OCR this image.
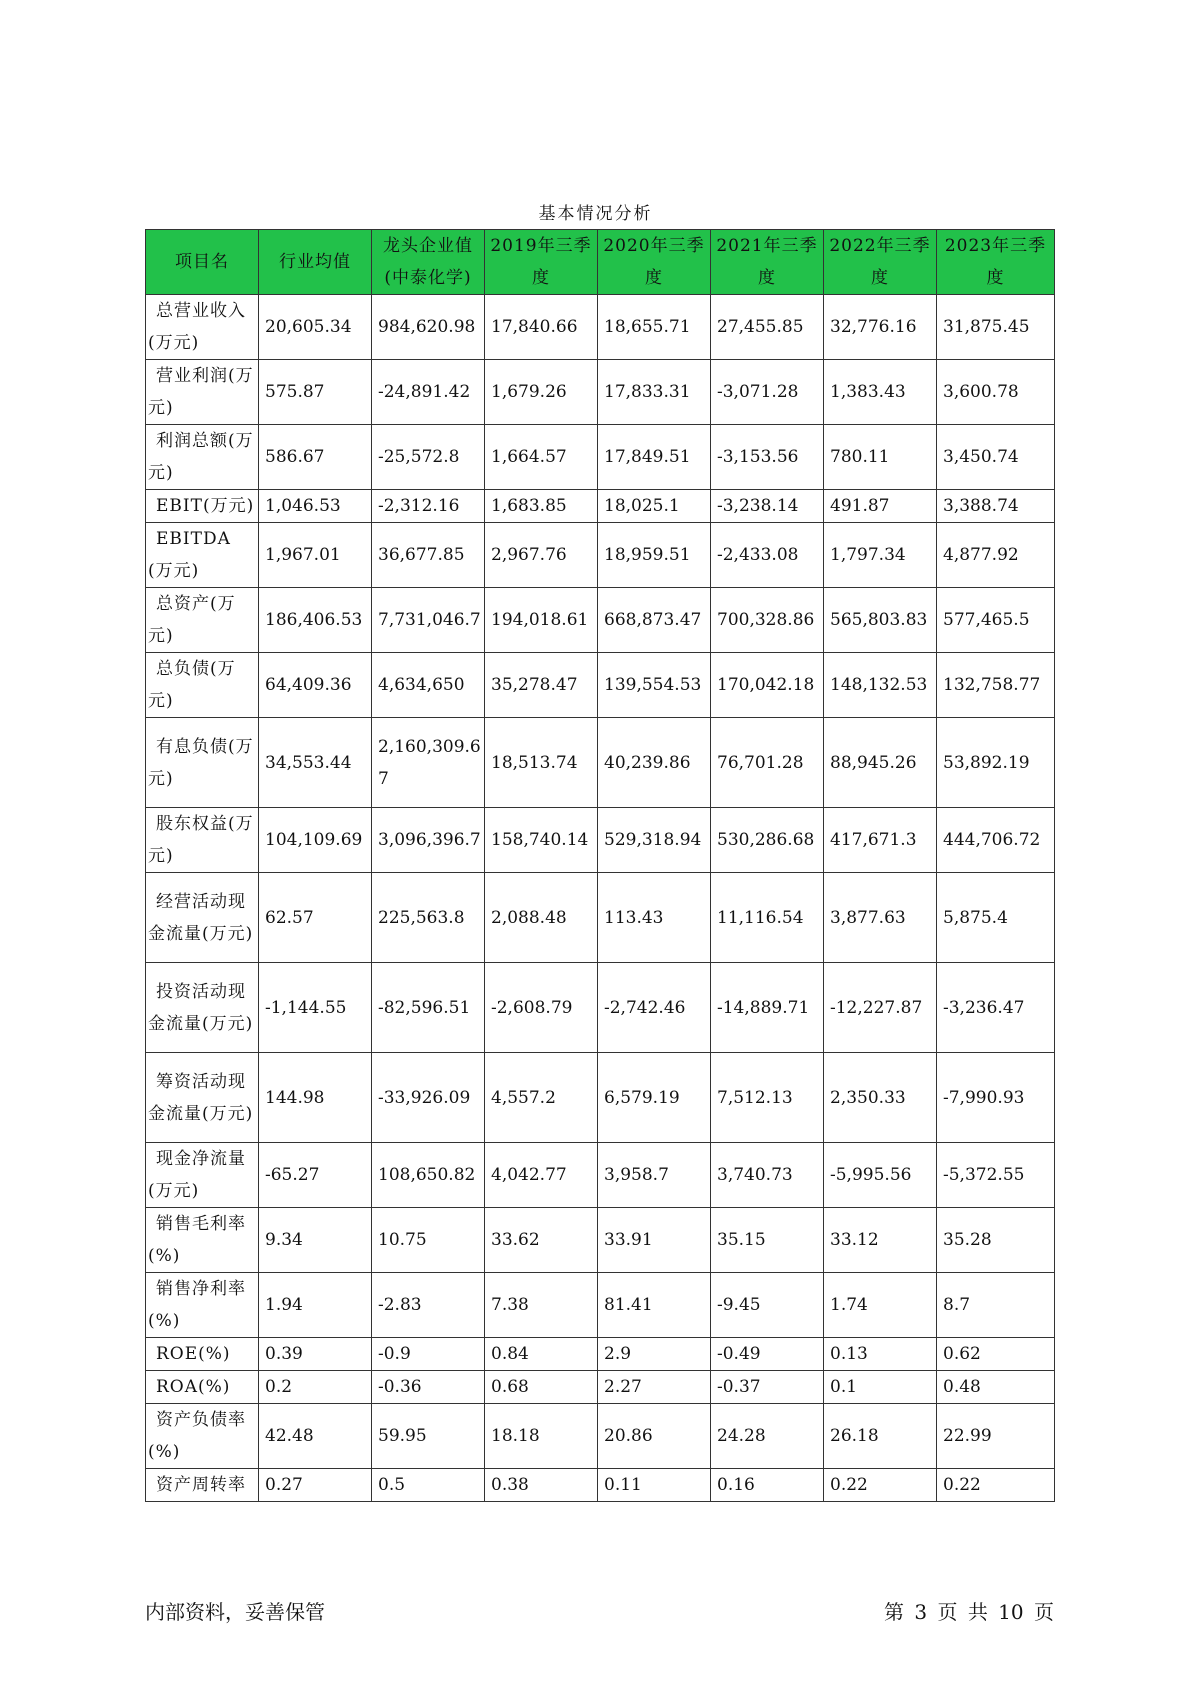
基本情况分析
项目名	行业均值	龙头企业值(中泰化学)	2019年三季度	2020年三季度	2021年三季度	2022年三季度	2023年三季度
总营业收入(万元)	20,605.34	984,620.98	17,840.66	18,655.71	27,455.85	32,776.16	31,875.45
营业利润(万元)	575.87	-24,891.42	1,679.26	17,833.31	-3,071.28	1,383.43	3,600.78
利润总额(万元)	586.67	-25,572.8	1,664.57	17,849.51	-3,153.56	780.11	3,450.74
EBIT(万元)	1,046.53	-2,312.16	1,683.85	18,025.1	-3,238.14	491.87	3,388.74
EBITDA(万元)	1,967.01	36,677.85	2,967.76	18,959.51	-2,433.08	1,797.34	4,877.92
总资产(万元)	186,406.53	7,731,046.7	194,018.61	668,873.47	700,328.86	565,803.83	577,465.5
总负债(万元)	64,409.36	4,634,650	35,278.47	139,554.53	170,042.18	148,132.53	132,758.77
有息负债(万元)	34,553.44	2,160,309.67	18,513.74	40,239.86	76,701.28	88,945.26	53,892.19
股东权益(万元)	104,109.69	3,096,396.7	158,740.14	529,318.94	530,286.68	417,671.3	444,706.72
经营活动现金流量(万元)	62.57	225,563.8	2,088.48	113.43	11,116.54	3,877.63	5,875.4
投资活动现金流量(万元)	-1,144.55	-82,596.51	-2,608.79	-2,742.46	-14,889.71	-12,227.87	-3,236.47
筹资活动现金流量(万元)	144.98	-33,926.09	4,557.2	6,579.19	7,512.13	2,350.33	-7,990.93
现金净流量(万元)	-65.27	108,650.82	4,042.77	3,958.7	3,740.73	-5,995.56	-5,372.55
销售毛利率(%)	9.34	10.75	33.62	33.91	35.15	33.12	35.28
销售净利率(%)	1.94	-2.83	7.38	81.41	-9.45	1.74	8.7
ROE(%)	0.39	-0.9	0.84	2.9	-0.49	0.13	0.62
ROA(%)	0.2	-0.36	0.68	2.27	-0.37	0.1	0.48
资产负债率(%)	42.48	59.95	18.18	20.86	24.28	26.18	22.99
资产周转率	0.27	0.5	0.38	0.11	0.16	0.22	0.22
内部资料，妥善保管	第 3 页 共 10 页
